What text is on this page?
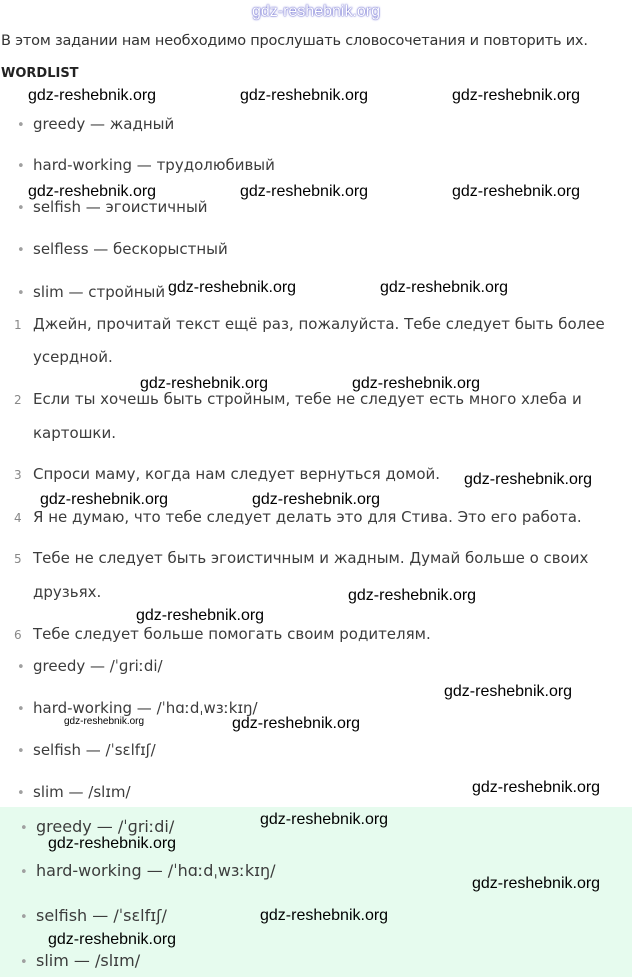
gdz-reshebnik.org
В этом задании нам необходимо прослушать словосочетания и повторить их.
WORDLIST
• greedy — жадный
• hard-working — трудолюбивый
• selfish — эгоистичный
• selfless — бескорыстный
• slim — стройный
1 Джейн, прочитай текст ещё раз, пожалуйста. Тебе следует быть более
усердной.
2 Если ты хочешь быть стройным, тебе не следует есть много хлеба и
картошки.
3 Спроси маму, когда нам следует вернуться домой.
4 Я не думаю, что тебе следует делать это для Стива. Это его работа.
5 Тебе не следует быть эгоистичным и жадным. Думай больше о своих
друзьях.
6 Тебе следует больше помогать своим родителям.
• greedy — /ˈɡriːdi/
• hard-working — /ˈhɑːdˌwɜːkɪŋ/
• selfish — /ˈsɛlfɪʃ/
• slim — /slɪm/
• greedy — /ˈɡriːdi/
• hard-working — /ˈhɑːdˌwɜːkɪŋ/
• selfish — /ˈsɛlfɪʃ/
• slim — /slɪm/
gdz-reshebnik.org	gdz-reshebnik.org	gdz-reshebnik.org
gdz-reshebnik.org	gdz-reshebnik.org	gdz-reshebnik.org
gdz-reshebnik.org	gdz-reshebnik.org
gdz-reshebnik.org	gdz-reshebnik.org
gdz-reshebnik.org
gdz-reshebnik.org	gdz-reshebnik.org
gdz-reshebnik.org
gdz-reshebnik.org
gdz-reshebnik.org
gdz-reshebnik.org	gdz-reshebnik.org
gdz-reshebnik.org
gdz-reshebnik.org
gdz-reshebnik.org
gdz-reshebnik.org
gdz-reshebnik.org
gdz-reshebnik.org
